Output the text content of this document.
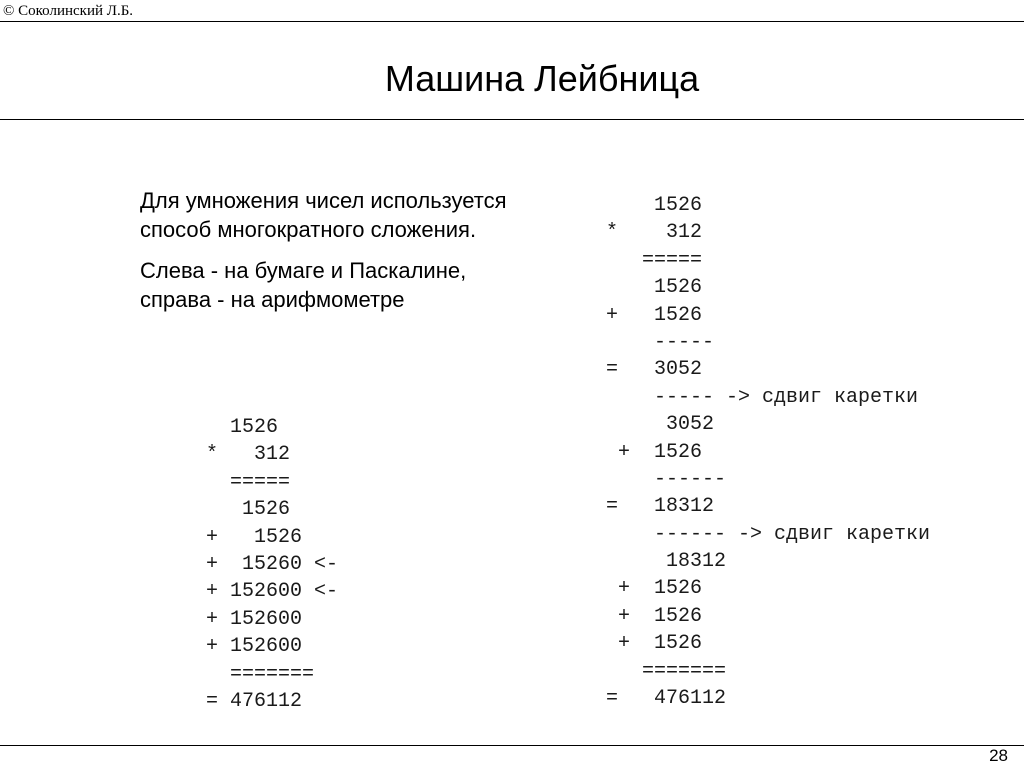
© Соколинский Л.Б.
Машина Лейбница

Для умножения чисел используется
способ многократного сложения.

Слева - на бумаге и Паскалине,
справа - на арифмометре

1526
*   312
=====
1526
+   1526
+  15260 <-
+ 152600 <-
+ 152600
+ 152600
=======
= 476112
1526
*    312
=====
1526
+   1526
-----
=   3052
----- -> сдвиг каретки
3052
+  1526
------
=   18312
------ -> сдвиг каретки
18312
+  1526
+  1526
+  1526
=======
=   476112
28
